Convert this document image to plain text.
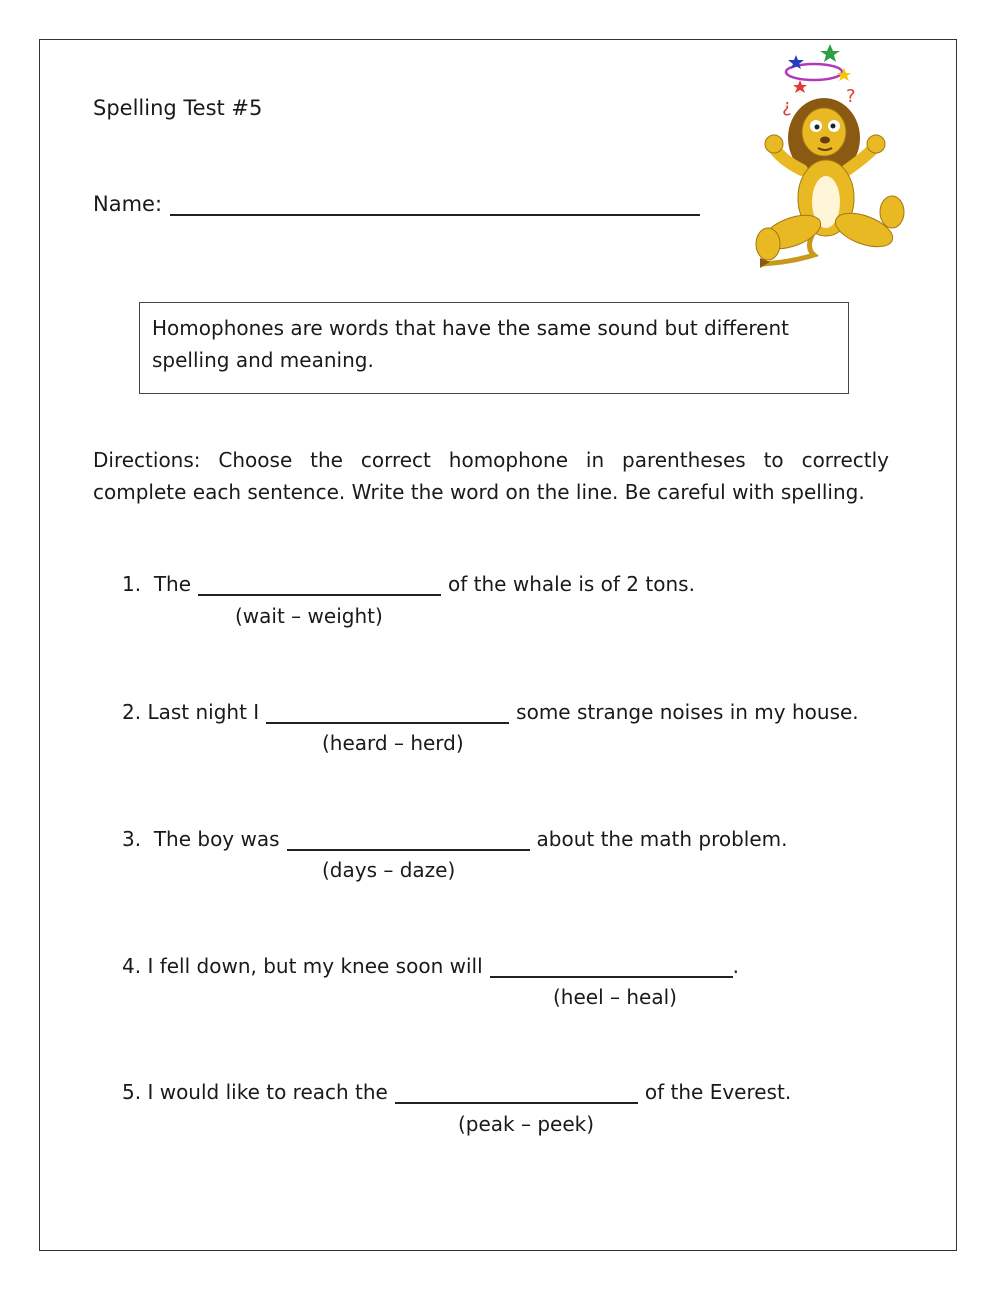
Spelling Test #5
Name:
¿	?
Homophones are words that have the same sound but different spelling and meaning.
Directions: Choose the correct homophone in parentheses to correctly complete each sentence. Write the word on the line. Be careful with spelling.
1.
The	of the whale is of 2 tons.
(wait – weight)
2.
Last night I	some strange noises in my house.
(heard – herd)
3.
The boy was	about the math problem.
(days – daze)
4.
I fell down, but my knee soon will	.
(heel – heal)
5.
I would like to reach the	of the Everest.
(peak – peek)
